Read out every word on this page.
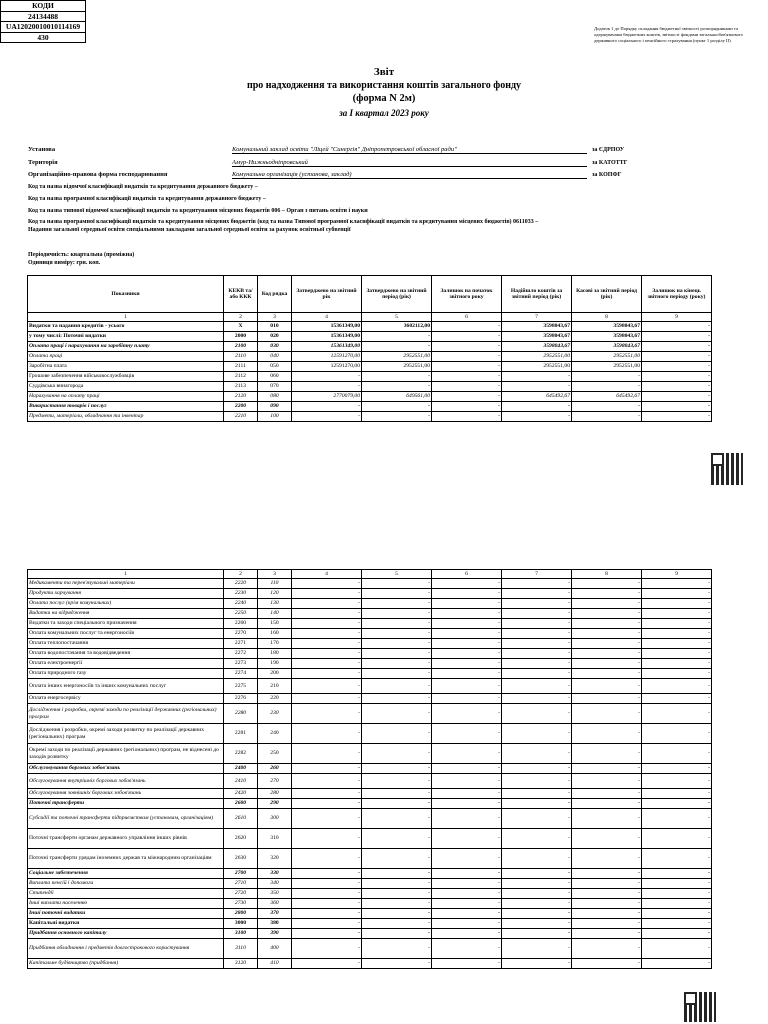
Додаток 1 до Порядку складання бюджетної звітності розпорядниками та одержувачами бюджетних коштів, звітності фондами загальнообов'язкового державного соціального і пенсійного страхування (пункт 1 розділу ІІ)
Звіт
про надходження та використання коштів загального фонду
(форма N 2м)
за I квартал 2023 року
КОДИ
24134488
UA12020010010114169
430
Установа	Комунальний заклад освіти "Ліцей "Синергія" Дніпропетровської обласної ради"	за ЄДРПОУ
Територія	Амур-Нижньодніпровський	за КАТОТТГ
Організаційно-правова форма господарювання	Комунальна організація (установа, заклад)	за КОПФГ
Код та назва відомчої класифікації видатків та кредитування державного бюджету –
Код та назва програмної класифікації видатків та кредитування державного бюджету –
Код та назва типової відомчої класифікації видатків та кредитування місцевих бюджетів 006 – Орган з питань освіти і науки
Код та назва програмної класифікації видатків та кредитування місцевих бюджетів (код та назва Типової програмної класифікації видатків та кредитування місцевих бюджетів) 0611033 – Надання загальної середньої освіти спеціальними закладами загальної середньої освіти за рахунок освітньої субвенції
Періодичність: квартальна (проміжна)
Одиниця виміру: грн. коп.
Показники	КЕКВ та/або ККК	Код рядка	Затверджено на звітний рік	Затверджено на звітний період (рік)	Залишок на початок звітного року	Надійшло коштів за звітний період (рік)	Касові за звітний період (рік)	Залишок на кінець звітного періоду (року)
1	2	3	4	5	6	7	8	9
Видатки та надання кредитів - усього	X	010	15361349,00	3602112,00	-	3598043,67	3598043,67	-
у тому числі: Поточні видатки	2000	020	15361349,00	-	-	3598043,67	3598043,67	-
Оплата праці і нарахування на заробітну плату	2100	030	15361349,00	-	-	3598043,67	3598043,67	-
Оплата праці	2110	040	12591270,00	2952551,00	-	2952551,00	2952551,00	-
Заробітна плата	2111	050	12591270,00	2952551,00	-	2952551,00	2952551,00	-
Грошове забезпечення військовослужбовців	2112	060	-	-	-	-	-	-
Суддівська винагорода	2113	070	-	-	-	-	-	-
Нарахування на оплату праці	2120	080	2770079,00	649561,00	-	645492,67	645492,67	-
Використання товарів і послуг	2200	090	-	-	-	-	-	-
Предмети, матеріали, обладнання та інвентар	2210	100	-	-	-	-	-	-
1	2	3	4	5	6	7	8	9
Медикаменти та перев'язувальні матеріали	2220	110	-	-	-	-	-	-
Продукти харчування	2230	120	-	-	-	-	-	-
Оплата послуг (крім комунальних)	2240	130	-	-	-	-	-	-
Видатки на відрядження	2250	140	-	-	-	-	-	-
Видатки та заходи спеціального призначення	2260	150	-	-	-	-	-	-
Оплата комунальних послуг та енергоносіїв	2270	160	-	-	-	-	-	-
Оплата теплопостачання	2271	170	-	-	-	-	-	-
Оплата водопостачання та водовідведення	2272	180	-	-	-	-	-	-
Оплата електроенергії	2273	190	-	-	-	-	-	-
Оплата природного газу	2274	200	-	-	-	-	-	-
Оплата інших енергоносіїв та інших комунальних послуг	2275	210	-	-	-	-	-	-
Оплата енергосервісу	2276	220	-	-	-	-	-	-
Дослідження і розробки, окремі заходи по реалізації державних (регіональних) програм	2280	230	-	-	-	-	-	-
Дослідження і розробки, окремі заходи розвитку по реалізації державних (регіональних) програм	2281	240	-	-	-	-	-	-
Окремі заходи по реалізації державних (регіональних) програм, не віднесені до заходів розвитку	2282	250	-	-	-	-	-	-
Обслуговування боргових зобов'язань	2400	260	-	-	-	-	-	-
Обслуговування внутрішніх боргових зобов'язань	2410	270	-	-	-	-	-	-
Обслуговування зовнішніх боргових зобов'язань	2420	280	-	-	-	-	-	-
Поточні трансферти	2600	290	-	-	-	-	-	-
Субсидії та поточні трансферти підприємствам (установам, організаціям)	2610	300	-	-	-	-	-	-
Поточні трансферти органам державного управління інших рівнів	2620	310	-	-	-	-	-	-
Поточні трансферти урядам іноземних держав та міжнародним організаціям	2630	320	-	-	-	-	-	-
Соціальне забезпечення	2700	330	-	-	-	-	-	-
Виплата пенсій і допомоги	2710	340	-	-	-	-	-	-
Стипендії	2720	350	-	-	-	-	-	-
Інші виплати населенню	2730	360	-	-	-	-	-	-
Інші поточні видатки	2800	370	-	-	-	-	-	-
Капітальні видатки	3000	380	-	-	-	-	-	-
Придбання основного капіталу	3100	390	-	-	-	-	-	-
Придбання обладнання і предметів довгострокового користування	3110	400	-	-	-	-	-	-
Капітальне будівництво (придбання)	3120	410	-	-	-	-	-	-
